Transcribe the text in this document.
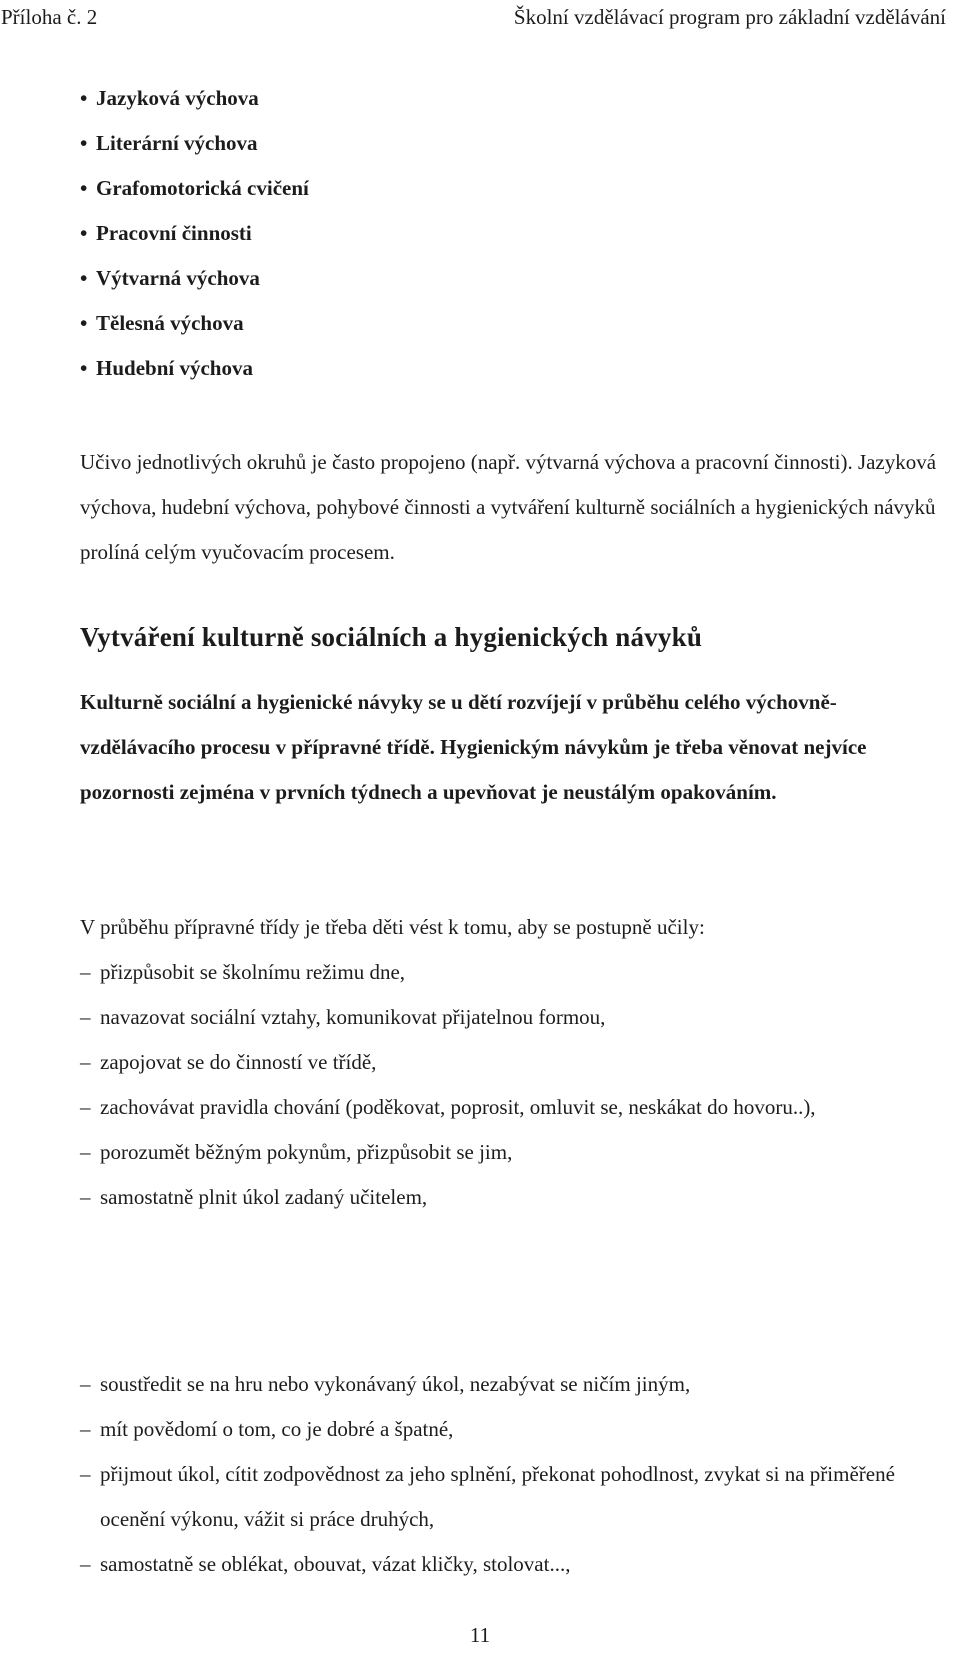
Příloha č. 2	Školní vzdělávací program pro základní vzdělávání
• Jazyková výchova
• Literární výchova
• Grafomotorická cvičení
• Pracovní činnosti
• Výtvarná výchova
• Tělesná výchova
• Hudební výchova

Učivo jednotlivých okruhů je často propojeno (např. výtvarná výchova a pracovní činnosti). Jazyková výchova, hudební výchova, pohybové činnosti a vytváření kulturně sociálních a hygienických návyků prolíná celým vyučovacím procesem.

Vytváření kulturně sociálních a hygienických návyků

Kulturně sociální a hygienické návyky se u dětí rozvíjejí v průběhu celého výchovně- vzdělávacího procesu v přípravné třídě. Hygienickým návykům je třeba věnovat nejvíce pozornosti zejména v prvních týdnech a upevňovat je neustálým opakováním.

V průběhu přípravné třídy je třeba děti vést k tomu, aby se postupně učily:

– přizpůsobit se školnímu režimu dne,
– navazovat sociální vztahy, komunikovat přijatelnou formou,
– zapojovat se do činností ve třídě,
– zachovávat pravidla chování (poděkovat, poprosit, omluvit se, neskákat do hovoru..),
– porozumět běžným pokynům, přizpůsobit se jim,
– samostatně plnit úkol zadaný učitelem,
– soustředit se na hru nebo vykonávaný úkol, nezabývat se ničím jiným,
– mít povědomí o tom, co je dobré a špatné,
– přijmout úkol, cítit zodpovědnost za jeho splnění, překonat pohodlnost, zvykat si na přiměřené ocenění výkonu, vážit si práce druhých,
– samostatně se oblékat, obouvat, vázat kličky, stolovat...,
11
